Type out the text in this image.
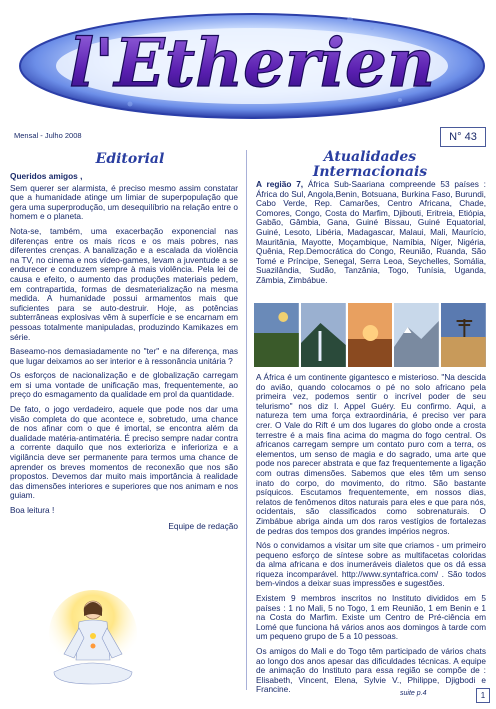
l'Etherien
Mensal - Julho 2008	N° 43
Editorial

Queridos amigos ,

Sem querer ser alarmista, é preciso mesmo assim constatar que a humanidade atinge um limiar de superpopulação que gera uma superprodução, um desequilíbrio na relação entre o homem e o planeta.

Nota-se, também, uma exacerbação exponencial nas diferenças entre os mais ricos e os mais pobres, nas diferentes crenças. A banalização e a escalada da violência na TV, no cinema e nos vídeo-games, levam a juventude a se endurecer e conduzem sempre à mais violência. Pela lei de causa e efeito, o aumento das produções materiais pedem, em contrapartida, formas de desmaterialização na mesma medida. A humanidade possui armamentos mais que suficientes para se auto-destruir. Hoje, as potências subterrâneas explosivas vêm à superfície e se encarnam em pessoas totalmente manipuladas, produzindo Kamikazes em série.

Baseamo-nos demasiadamente no "ter" e na diferença, mas que lugar deixamos ao ser interior e à ressonância unitária ?

Os esforços de nacionalização e de globalização carregam em si uma vontade de unificação mas, frequentemente, ao preço do esmagamento da qualidade em prol da quantidade.

De fato, o jogo verdadeiro, aquele que pode nos dar uma visão completa do que acontece e, sobretudo, uma chance de nos afinar com o que é imortal, se encontra além da dualidade matéria-antimatéria. É preciso sempre nadar contra a corrente daquilo que nos exterioriza e inferioriza e a vigilância deve ser permanente para termos uma chance de aprender os breves momentos de reconexão que nos são propostos. Devemos dar muito mais importância à realidade das dimensões interiores e superiores que nos animam e nos guiam.

Boa leitura !

Equipe de redação

Atualidades
Internacionais

A região 7, África Sub-Saariana compreende 53 países : África do Sul, Angola,Benin, Botsuana, Burkina Faso, Burundi, Cabo Verde, Rep. Camarões, Centro Africana, Chade, Comores, Congo, Costa do Marfim, Djibouti, Eritreia, Etiópia, Gabão, Gâmbia, Gana, Guiné Bissau, Guiné Equatorial, Guiné, Lesoto, Libéria, Madagascar, Malaui, Mali, Maurício, Mauritânia, Mayotte, Moçambique, Namíbia, Níger, Nigéria, Quênia, Rep.Democrática do Congo, Reunião, Ruanda, São Tomé e Príncipe, Senegal, Serra Leoa, Seychelles, Somália, Suazilândia, Sudão, Tanzânia, Togo, Tunísia, Uganda, Zâmbia, Zimbábue.

A África é um continente gigantesco e misterioso. "Na descida do avião, quando colocamos o pé no solo africano pela primeira vez, podemos sentir o incrível poder de seu telurismo" nos diz I. Appel Guéry. Eu confirmo. Aqui, a natureza tem uma força extraordinária, é preciso ver para crer. O Vale do Rift é um dos lugares do globo onde a crosta terrestre é a mais fina acima do magma do fogo central. Os africanos carregam sempre um contato puro com a terra, os elementos, um senso de magia e do sagrado, uma arte que pode nos parecer abstrata e que faz frequentemente a ligação com outras dimensões. Sabemos que eles têm um senso inato do corpo, do movimento, do ritmo. São bastante psíquicos. Escutamos frequentemente, em nossos dias, relatos de fenômenos ditos naturais para eles e que para nós, ocidentais, são classificados como sobrenaturais. O Zimbábue abriga ainda um dos raros vestígios de fortalezas de pedras dos tempos dos grandes impérios negros.

Nós o convidamos a visitar um site que criamos - um primeiro pequeno esforço de síntese sobre as multifacetas coloridas da alma africana e dos inumeráveis dialetos que os dá essa riqueza incomparável. http://www.syntafrica.com/ . São todos bem-vindos a deixar suas impressões e sugestões.

Existem 9 membros inscritos no Instituto divididos em 5 países : 1 no Mali, 5 no Togo, 1 em Reunião, 1 em Benin e 1 na Costa do Marfim. Existe um Centro de Pré-ciência em Lomé que funciona há vários anos aos domingos à tarde com um pequeno grupo de 5 a 10 pessoas.

Os amigos do Mali e do Togo têm participado de vários chats ao longo dos anos apesar das dificuldades técnicas. A equipe de animação do Instituto para essa região se compõe de : Elisabeth, Vincent, Elena, Sylvie V., Philippe, Djigbodi e Francine.	suite p.4	1
